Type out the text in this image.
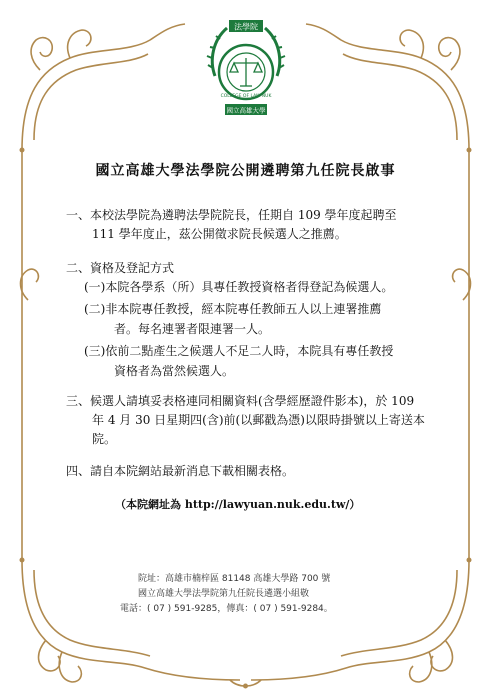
法學院
COLLEGE OF LAW NUK
國立高雄大學
國立高雄大學法學院公開遴聘第九任院長啟事
一、本校法學院為遴聘法學院院長，任期自 109 學年度起聘至
111 學年度止，茲公開徵求院長候選人之推薦。
二、資格及登記方式
(一)本院各學系（所）具專任教授資格者得登記為候選人。
(二)非本院專任教授，經本院專任教師五人以上連署推薦
者。每名連署者限連署一人。
(三)依前二點產生之候選人不足二人時，本院具有專任教授
資格者為當然候選人。
三、候選人請填妥表格連同相關資料(含學經歷證件影本)，於 109
年 4 月 30 日星期四(含)前(以郵戳為憑)以限時掛號以上寄送本
院。
四、請自本院網站最新消息下載相關表格。
（本院網址為 http://lawyuan.nuk.edu.tw/）
院址：高雄市楠梓區 81148 高雄大學路 700 號
國立高雄大學法學院第九任院長遴選小組敬
電話：( 07 ) 591-9285，傳真：( 07 ) 591-9284。
